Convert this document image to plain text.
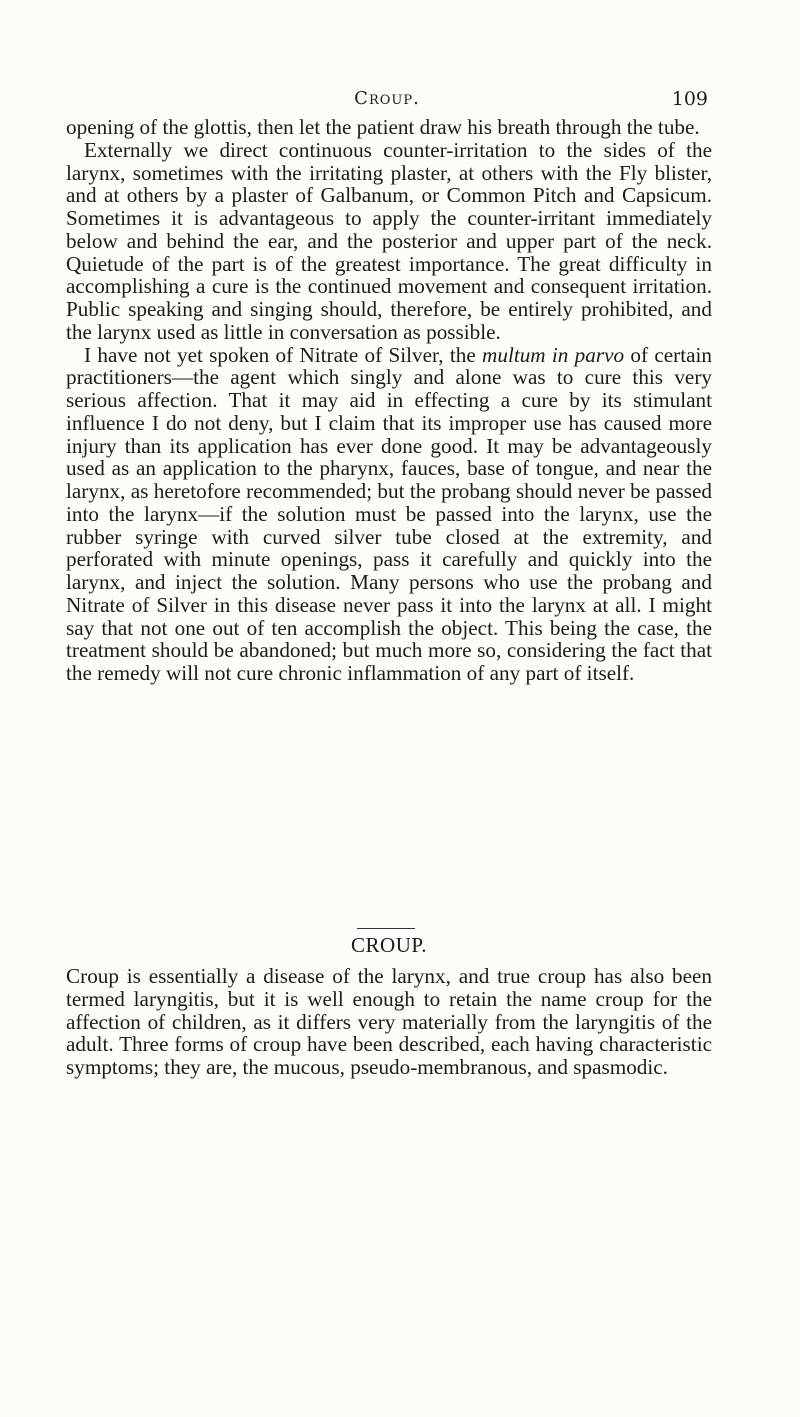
Croup.	109

opening of the glottis, then let the patient draw his breath through the tube.

Externally we direct continuous counter-irritation to the sides of the larynx, sometimes with the irritating plaster, at others with the Fly blister, and at others by a plaster of Galbanum, or Common Pitch and Capsicum. Sometimes it is advantageous to apply the counter-irritant immediately below and behind the ear, and the posterior and upper part of the neck. Quietude of the part is of the greatest importance. The great difficulty in accomplishing a cure is the continued movement and consequent irritation. Public speaking and singing should, therefore, be entirely prohibited, and the larynx used as little in conversation as possible.

I have not yet spoken of Nitrate of Silver, the multum in parvo of certain practitioners—the agent which singly and alone was to cure this very serious affection. That it may aid in effecting a cure by its stimulant influence I do not deny, but I claim that its improper use has caused more injury than its application has ever done good. It may be advantageously used as an application to the pharynx, fauces, base of tongue, and near the larynx, as heretofore recommended; but the probang should never be passed into the larynx—if the solution must be passed into the larynx, use the rubber syringe with curved silver tube closed at the extremity, and perforated with minute openings, pass it carefully and quickly into the larynx, and inject the solution. Many persons who use the probang and Nitrate of Silver in this disease never pass it into the larynx at all. I might say that not one out of ten accomplish the object. This being the case, the treatment should be abandoned; but much more so, considering the fact that the remedy will not cure chronic inflammation of any part of itself.

CROUP.

Croup is essentially a disease of the larynx, and true croup has also been termed laryngitis, but it is well enough to retain the name croup for the affection of children, as it differs very materially from the laryngitis of the adult. Three forms of croup have been described, each having characteristic symptoms; they are, the mucous, pseudo-membranous, and spasmodic.
